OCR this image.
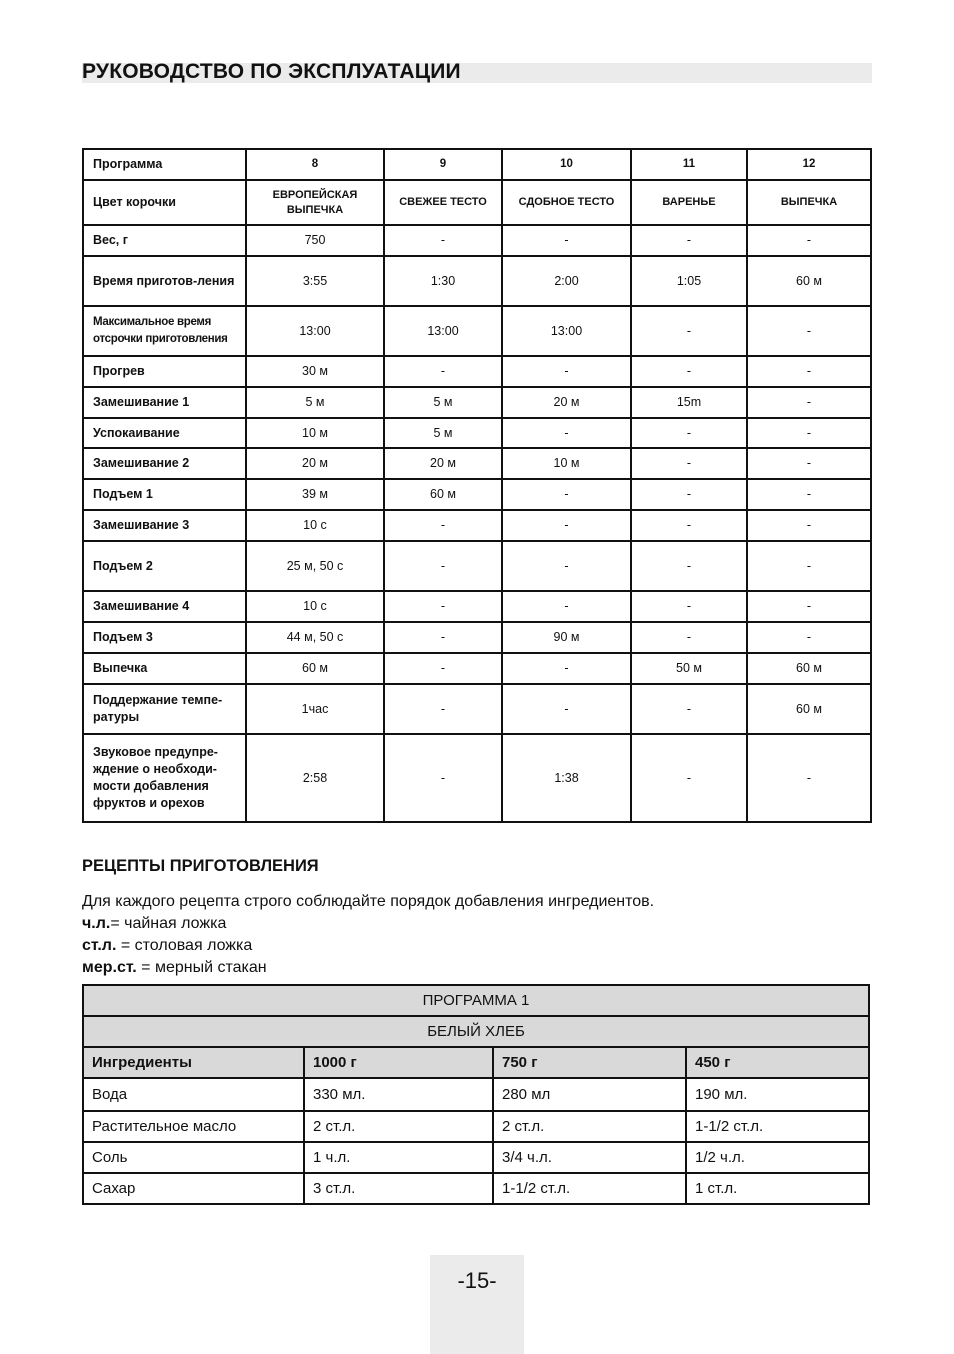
РУКОВОДСТВО ПО ЭКСПЛУАТАЦИИ
Программа	8	9	10	11	12
Цвет корочки	ЕВРОПЕЙСКАЯ ВЫПЕЧКА	СВЕЖЕЕ ТЕСТО	СДОБНОЕ ТЕСТО	ВАРЕНЬЕ	ВЫПЕЧКА
Вес, г	750	-	-	-	-
Время приготов-ления	3:55	1:30	2:00	1:05	60 м
Максимальное время отсрочки приготовления	13:00	13:00	13:00	-	-
Прогрев	30 м	-	-	-	-
Замешивание 1	5 м	5 м	20 м	15m	-
Успокаивание	10 м	5 м	-	-	-
Замешивание 2	20 м	20 м	10 м	-	-
Подъем 1	39 м	60 м	-	-	-
Замешивание 3	10 с	-	-	-	-
Подъем 2	25 м, 50 с	-	-	-	-
Замешивание 4	10 с	-	-	-	-
Подъем 3	44 м, 50 с	-	90 м	-	-
Выпечка	60 м	-	-	50 м	60 м
Поддержание темпе-ратуры	1час	-	-	-	60 м
Звуковое предупре-ждение о необходи-мости добавления фруктов и орехов	2:58	-	1:38	-	-
РЕЦЕПТЫ ПРИГОТОВЛЕНИЯ
Для каждого рецепта строго соблюдайте порядок добавления ингредиентов.
ч.л.= чайная ложка
ст.л. = столовая ложка
мер.ст. = мерный стакан
ПРОГРАММА 1			
БЕЛЫЙ ХЛЕБ			
Ингредиенты	1000 г	750 г	450 г
Вода	330 мл.	280 мл	190 мл.
Растительное масло	2 ст.л.	2 ст.л.	1-1/2 ст.л.
Соль	1 ч.л.	3/4 ч.л.	1/2 ч.л.
Сахар	3 ст.л.	1-1/2 ст.л.	1 ст.л.
-15-
